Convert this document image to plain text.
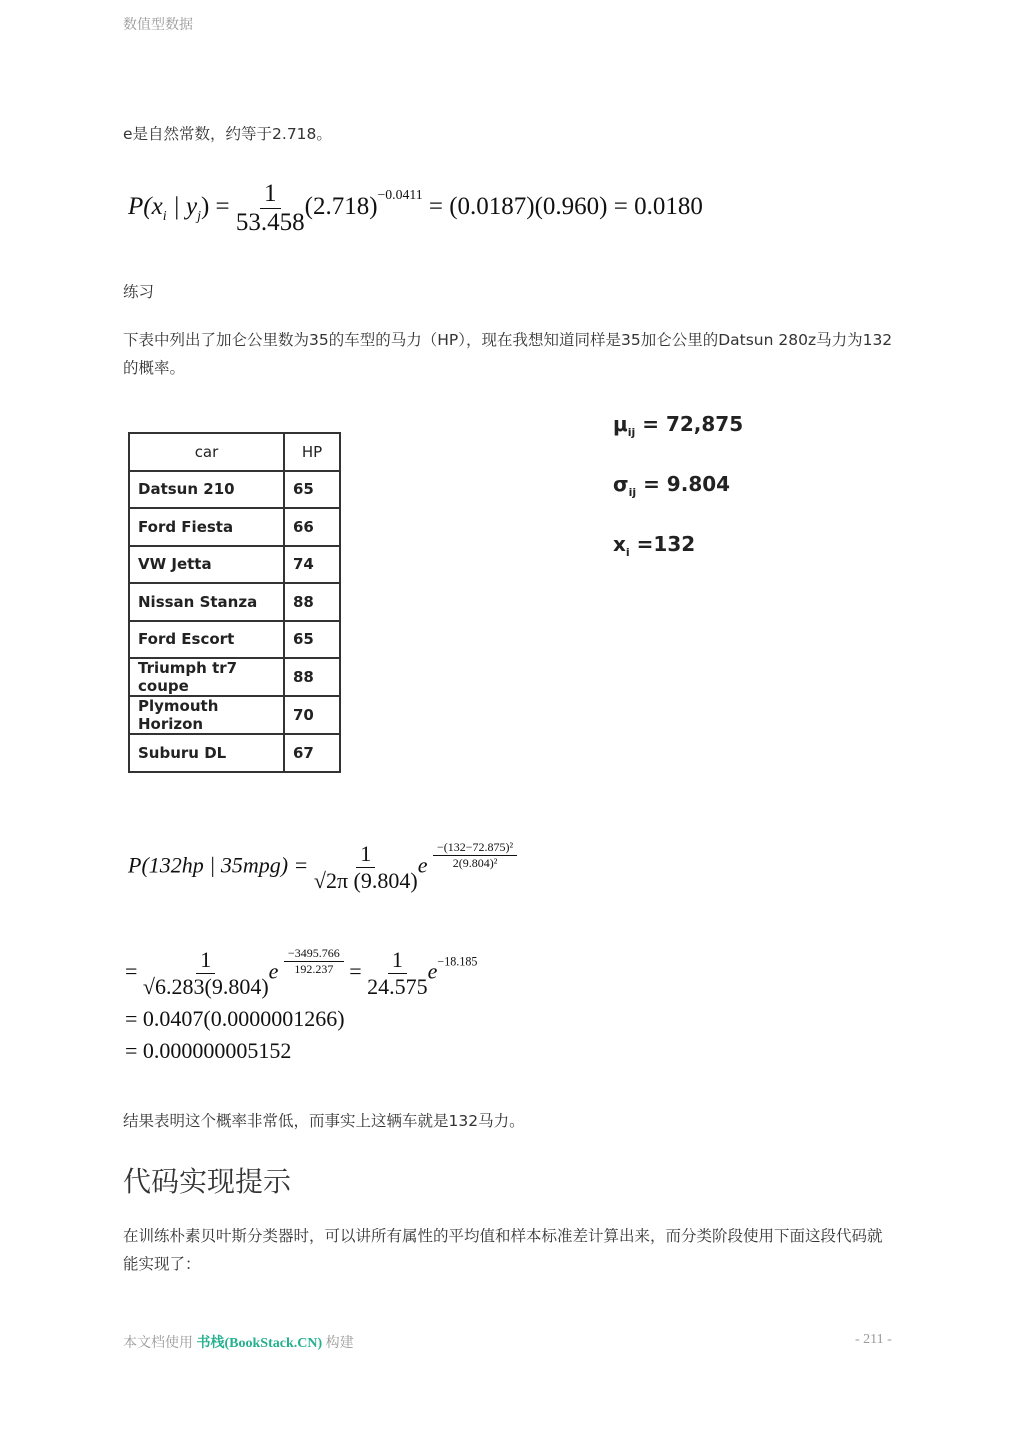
数值型数据
e是自然常数，约等于2.718。
$P(x_i$ | $y_j) = \frac{1}{53.458} (2.718)^{-0.0411} = (0.0187)(0.960) = 0.0180$
练习
下表中列出了加仑公里数为35的车型的马力（HP），现在我想知道同样是35加仑公里的Datsun 280z马力为132的概率。
car	HP
Datsun 210	65
Ford Fiesta	66
VW Jetta	74
Nissan Stanza	88
Ford Escort	65
Triumph tr7 coupe	88
Plymouth Horizon	70
Suburu DL	67
$\mu_{ij} = 72,875$
$\sigma_{ij} = 9.804$
$x_i =132$
P(132hp | $35mpg) = \frac{1}{√2\pi (9.804)}$ e $\frac{\text{−(132−72.875)²}}{\text{2(9.804)²}}$
= $\frac{1}{√6.283(9.804)}$ e $\frac{-3495.766}{192.237} = \frac{1}{24.575} e^{-18.185}$
= 0.0407(0.0000001266)
= 0.000000005152
结果表明这个概率非常低，而事实上这辆车就是132马力。
代码实现提示
在训练朴素贝叶斯分类器时，可以讲所有属性的平均值和样本标准差计算出来，而分类阶段使用下面这段代码就能实现了：
本文档使用 书栈(BookStack.CN) 构建	- 211 -
